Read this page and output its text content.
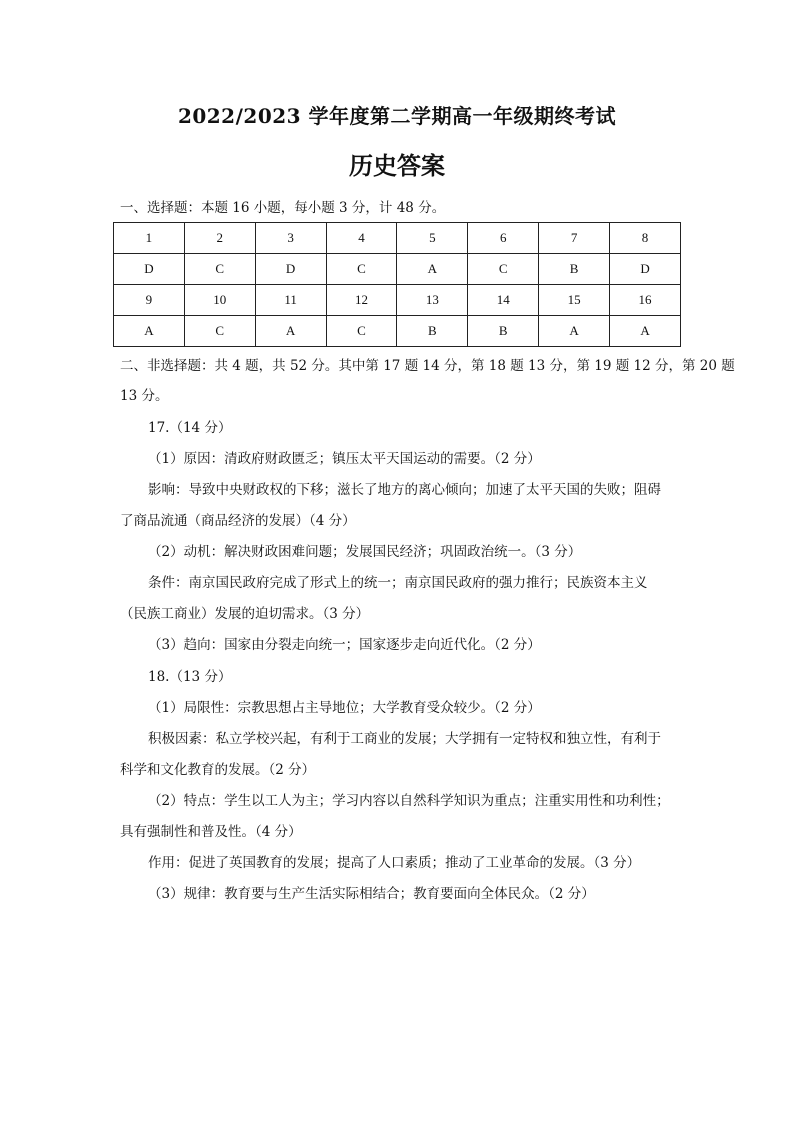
2022/2023 学年度第二学期高一年级期终考试
历史答案
一、选择题：本题 16 小题，每小题 3 分，计 48 分。
1	2	3	4	5	6	7	8
D	C	D	C	A	C	B	D
9	10	11	12	13	14	15	16
A	C	A	C	B	B	A	A
二、非选择题：共 4 题，共 52 分。其中第 17 题 14 分，第 18 题 13 分，第 19 题 12 分，第 20 题
13 分。
17.（14 分）
（1）原因：清政府财政匮乏；镇压太平天国运动的需要。（2 分）
影响：导致中央财政权的下移；滋长了地方的离心倾向；加速了太平天国的失败；阻碍
了商品流通（商品经济的发展）（4 分）
（2）动机：解决财政困难问题；发展国民经济；巩固政治统一。（3 分）
条件：南京国民政府完成了形式上的统一；南京国民政府的强力推行；民族资本主义
（民族工商业）发展的迫切需求。（3 分）
（3）趋向：国家由分裂走向统一；国家逐步走向近代化。（2 分）
18.（13 分）
（1）局限性：宗教思想占主导地位；大学教育受众较少。（2 分）
积极因素：私立学校兴起，有利于工商业的发展；大学拥有一定特权和独立性，有利于
科学和文化教育的发展。（2 分）
（2）特点：学生以工人为主；学习内容以自然科学知识为重点；注重实用性和功利性；
具有强制性和普及性。（4 分）
作用：促进了英国教育的发展；提高了人口素质；推动了工业革命的发展。（3 分）
（3）规律：教育要与生产生活实际相结合；教育要面向全体民众。（2 分）
